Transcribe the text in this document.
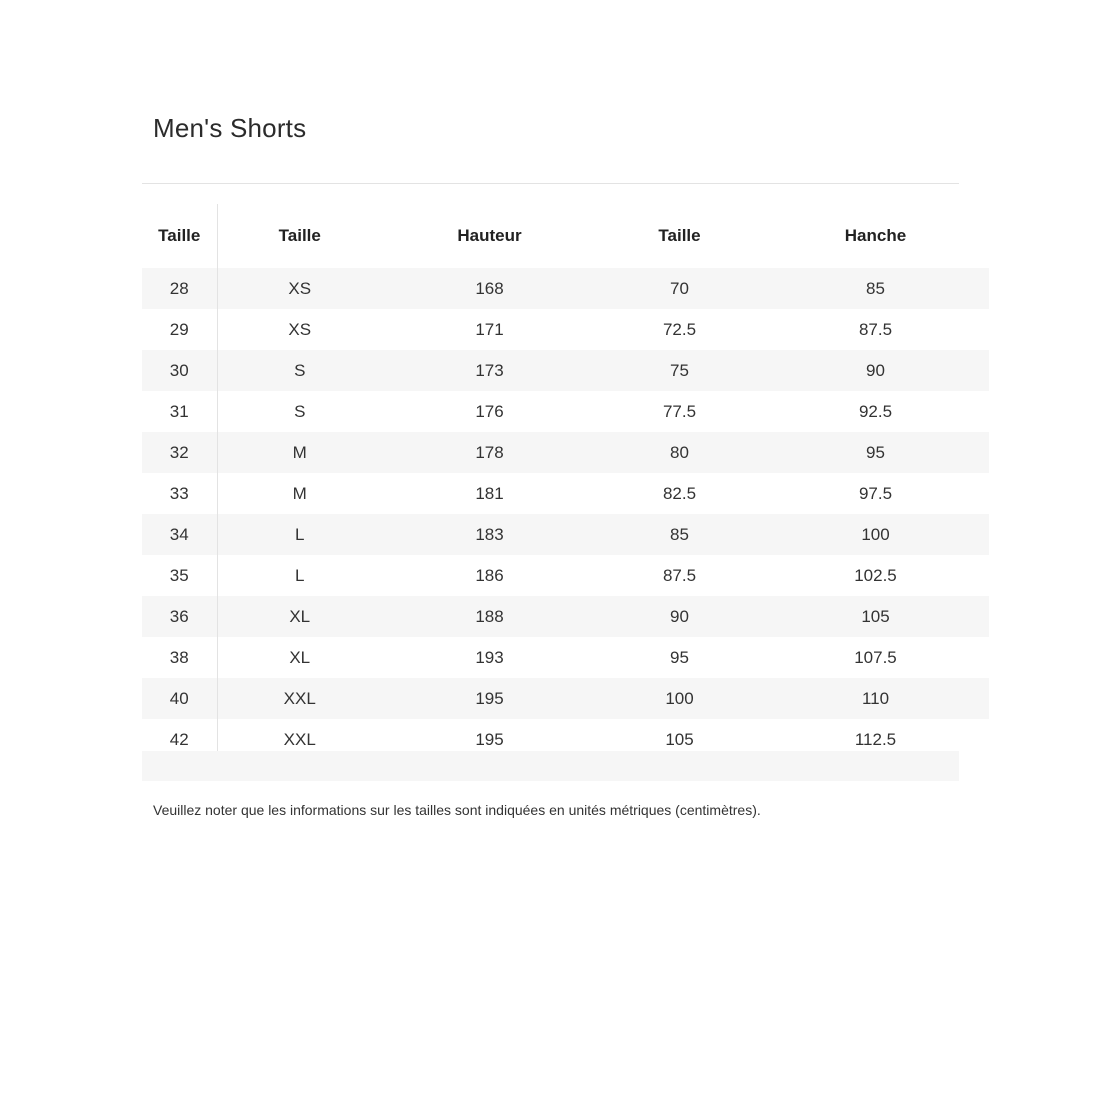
Men's Shorts
Taille	Taille	Hauteur	Taille	Hanche
28	XS	168	70	85
29	XS	171	72.5	87.5
30	S	173	75	90
31	S	176	77.5	92.5
32	M	178	80	95
33	M	181	82.5	97.5
34	L	183	85	100
35	L	186	87.5	102.5
36	XL	188	90	105
38	XL	193	95	107.5
40	XXL	195	100	110
42	XXL	195	105	112.5

Veuillez noter que les informations sur les tailles sont indiquées en unités métriques (centimètres).
